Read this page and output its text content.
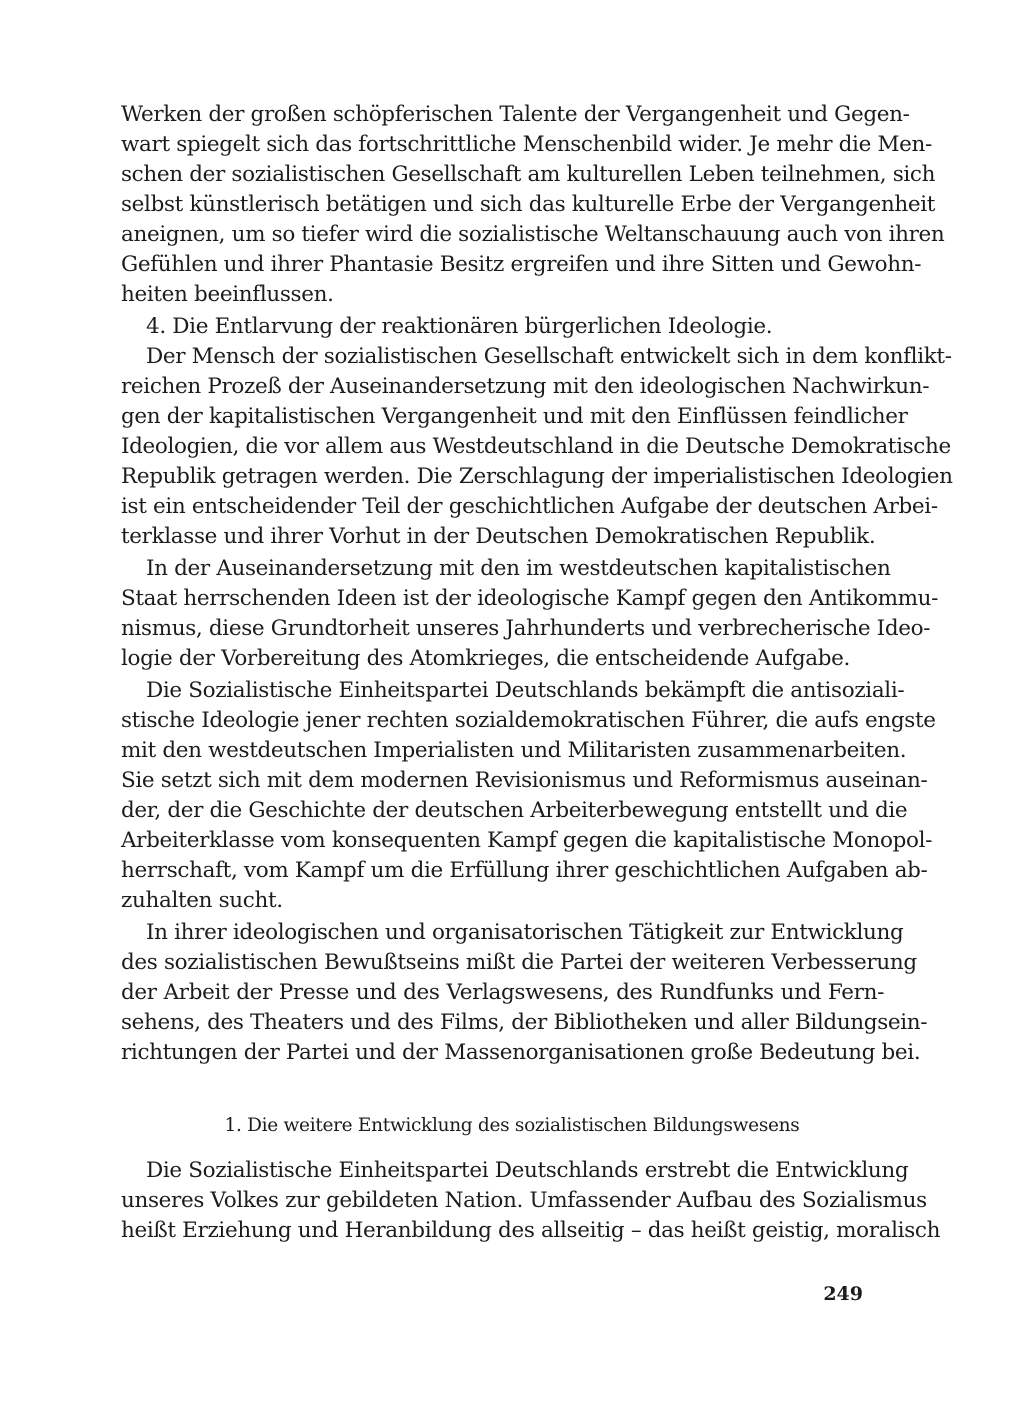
Werken der großen schöpferischen Talente der Vergangenheit und Gegen-

wart spiegelt sich das fortschrittliche Menschenbild wider. Je mehr die Men-

schen der sozialistischen Gesellschaft am kulturellen Leben teilnehmen, sich

selbst künstlerisch betätigen und sich das kulturelle Erbe der Vergangenheit

aneignen, um so tiefer wird die sozialistische Weltanschauung auch von ihren

Gefühlen und ihrer Phantasie Besitz ergreifen und ihre Sitten und Gewohn-

heiten beeinflussen.

4. Die Entlarvung der reaktionären bürgerlichen Ideologie.

Der Mensch der sozialistischen Gesellschaft entwickelt sich in dem konflikt-

reichen Prozeß der Auseinandersetzung mit den ideologischen Nachwirkun-

gen der kapitalistischen Vergangenheit und mit den Einflüssen feindlicher

Ideologien, die vor allem aus Westdeutschland in die Deutsche Demokratische

Republik getragen werden. Die Zerschlagung der imperialistischen Ideologien

ist ein entscheidender Teil der geschichtlichen Aufgabe der deutschen Arbei-

terklasse und ihrer Vorhut in der Deutschen Demokratischen Republik.

In der Auseinandersetzung mit den im westdeutschen kapitalistischen

Staat herrschenden Ideen ist der ideologische Kampf gegen den Antikommu-

nismus, diese Grundtorheit unseres Jahrhunderts und verbrecherische Ideo-

logie der Vorbereitung des Atomkrieges, die entscheidende Aufgabe.

Die Sozialistische Einheitspartei Deutschlands bekämpft die antisoziali-

stische Ideologie jener rechten sozialdemokratischen Führer, die aufs engste

mit den westdeutschen Imperialisten und Militaristen zusammenarbeiten.

Sie setzt sich mit dem modernen Revisionismus und Reformismus auseinan-

der, der die Geschichte der deutschen Arbeiterbewegung entstellt und die

Arbeiterklasse vom konsequenten Kampf gegen die kapitalistische Monopol-

herrschaft, vom Kampf um die Erfüllung ihrer geschichtlichen Aufgaben ab-

zuhalten sucht.

In ihrer ideologischen und organisatorischen Tätigkeit zur Entwicklung

des sozialistischen Bewußtseins mißt die Partei der weiteren Verbesserung

der Arbeit der Presse und des Verlagswesens, des Rundfunks und Fern-

sehens, des Theaters und des Films, der Bibliotheken und aller Bildungsein-

richtungen der Partei und der Massenorganisationen große Bedeutung bei.

1. Die weitere Entwicklung des sozialistischen Bildungswesens

Die Sozialistische Einheitspartei Deutschlands erstrebt die Entwicklung

unseres Volkes zur gebildeten Nation. Umfassender Aufbau des Sozialismus

heißt Erziehung und Heranbildung des allseitig – das heißt geistig, moralisch

249
